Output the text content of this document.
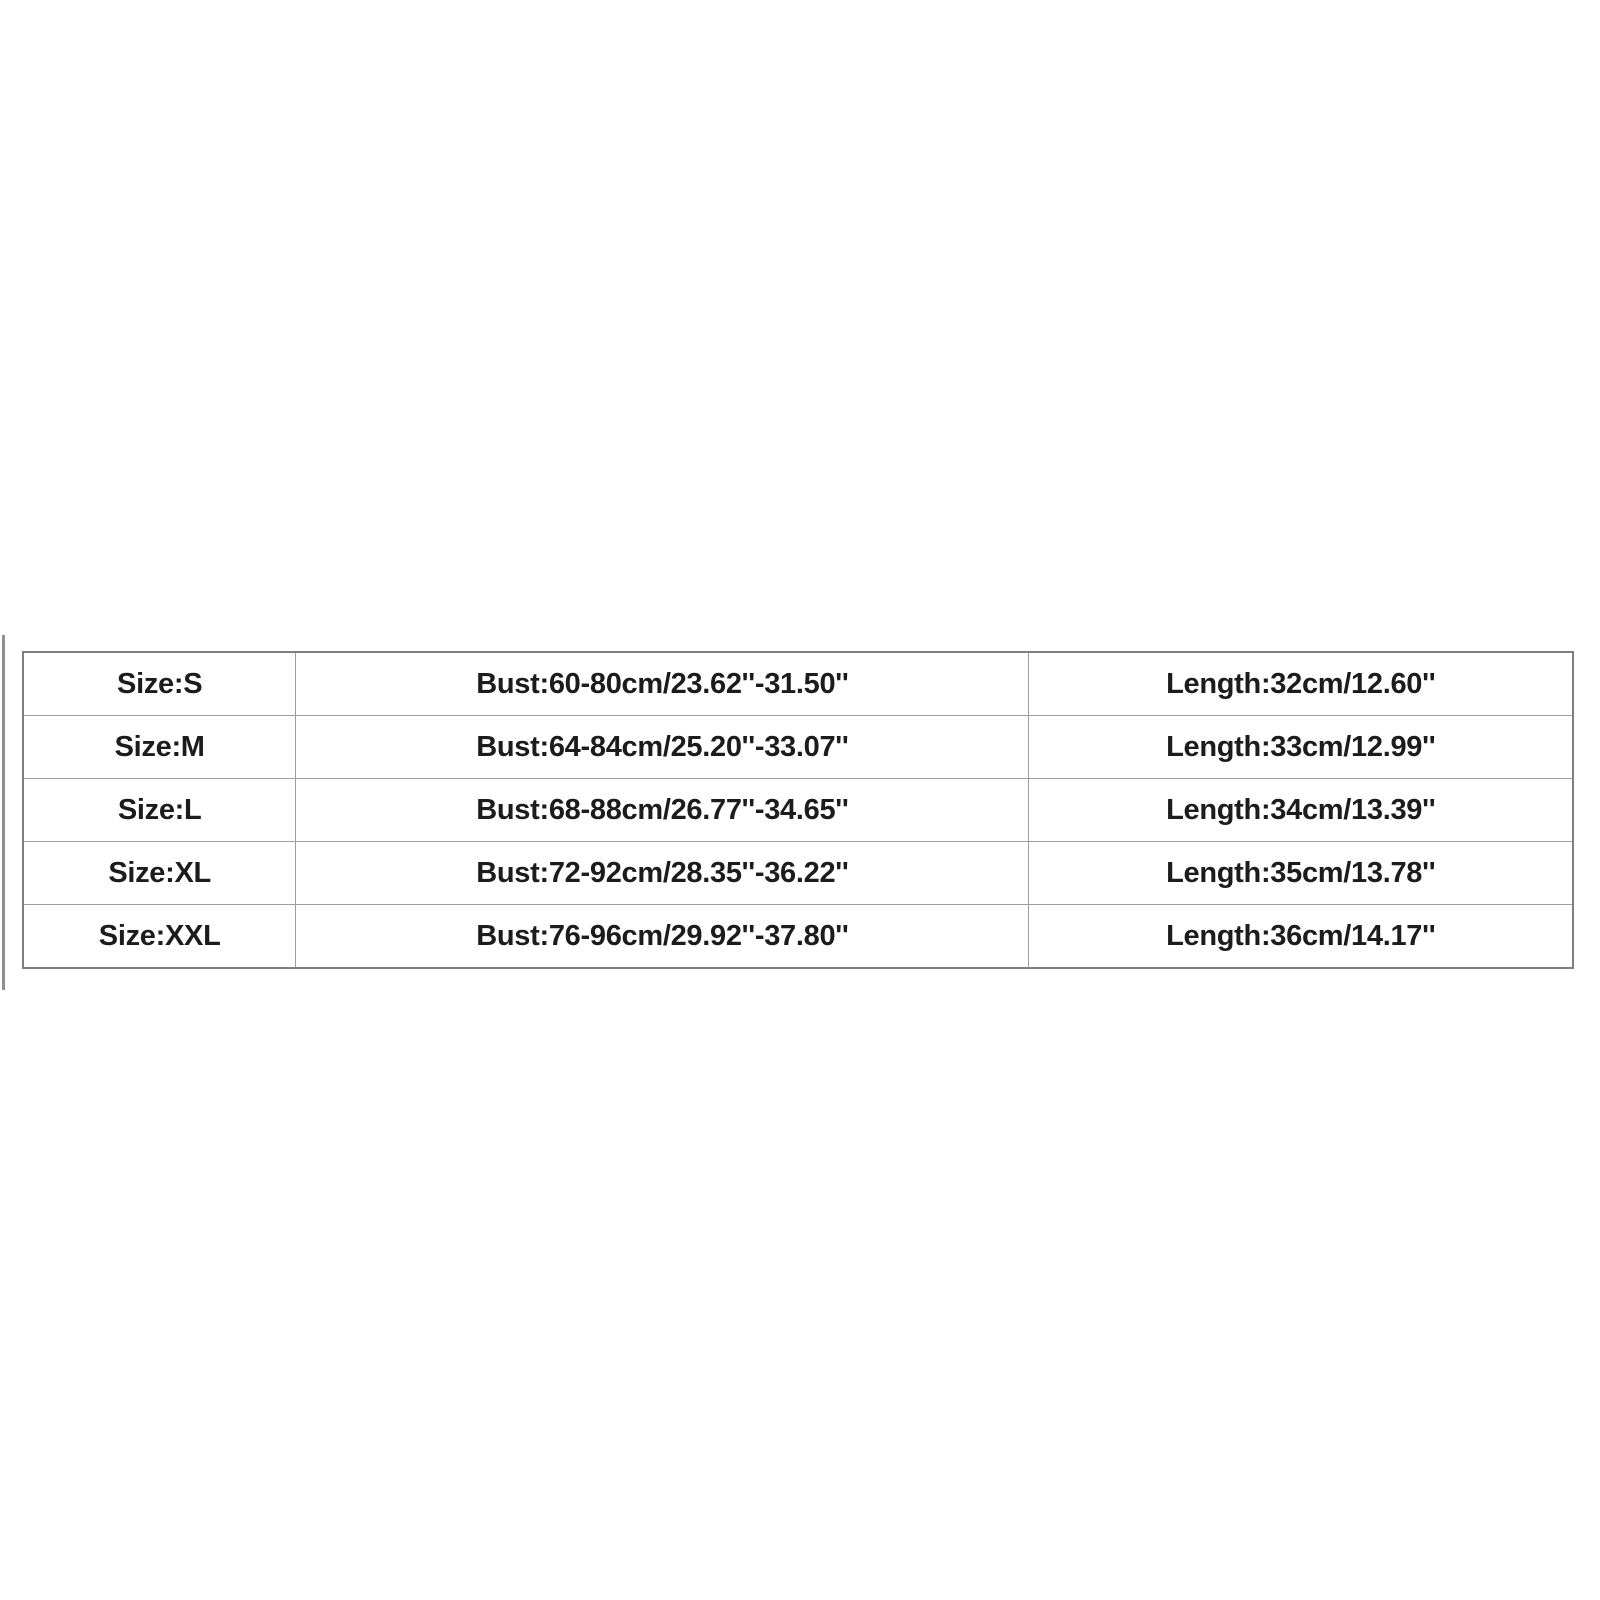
Size:S	Bust:60-80cm/23.62''-31.50''	Length:32cm/12.60''
Size:M	Bust:64-84cm/25.20''-33.07''	Length:33cm/12.99''
Size:L	Bust:68-88cm/26.77''-34.65''	Length:34cm/13.39''
Size:XL	Bust:72-92cm/28.35''-36.22''	Length:35cm/13.78''
Size:XXL	Bust:76-96cm/29.92''-37.80''	Length:36cm/14.17''
